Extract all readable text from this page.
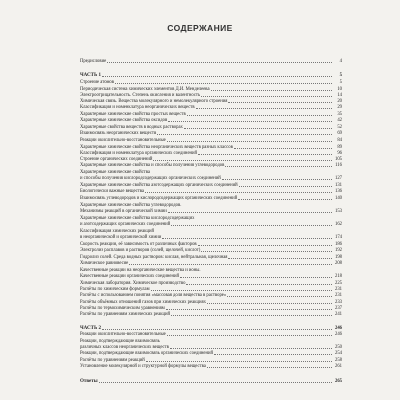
СОДЕРЖАНИЕ
Предисловие	4
ЧАСТЬ 1	5
Строение атомов	5
Периодическая система химических элементов Д.И. Менделеева	10
Электроотрицательность. Степень окисления и валентность	14
Химическая связь. Вещества молекулярного и немолекулярного строения	20
Классификация и номенклатура неорганических веществ	29
Характерные химические свойства простых веществ	35
Характерные химические свойства оксидов	42
Характерные свойства веществ в водных растворах	52
Взаимосвязь неорганических веществ	69
Реакции окислительно-восстановительные	84
Характерные химические свойства неорганических веществ разных классов	89
Классификация и номенклатура органических соединений	96
Строение органических соединений	105
Характерные химические свойства и способы получения углеводородов	116
Характерные химические свойства
и способы получения кислородсодержащих органических соединений	127
Характерные химические свойства азотсодержащих органических соединений	131
Биологически важные вещества	136
Взаимосвязь углеводородов и кислородсодержащих органических соединений	140
Характерные химические свойства углеводородов.
Механизмы реакций в органической химии	153
Характерные химические свойства кислородсодержащих
и азотсодержащих органических соединений	162
Классификация химических реакций
в неорганической и органической химии	174
Скорость реакции, её зависимость от различных факторов	186
Электролиз расплавов и растворов (солей, щелочей, кислот)	192
Гидролиз солей. Среда водных растворов: кислая, нейтральная, щелочная	198
Химическое равновесие	208
Качественные реакции на неорганические вещества и ионы.
Качественные реакции органических соединений	218
Химическая лаборатория. Химическое производство	225
Расчёты по химическим формулам	231
Расчёты с использованием понятия «массовая доля вещества в растворе»	231
Расчёты объёмных отношений газов при химических реакциях	233
Расчёты по термохимическим уравнениям	237
Расчёты по уравнениям химических реакций	241
ЧАСТЬ 2	246
Реакции окислительно-восстановительные	246
Реакции, подтверждающие взаимосвязь
различных классов неорганических веществ	250
Реакции, подтверждающие взаимосвязь органических соединений	254
Расчёты по уравнениям реакций	258
Установление молекулярной и структурной формулы вещества	261
Ответы	265
